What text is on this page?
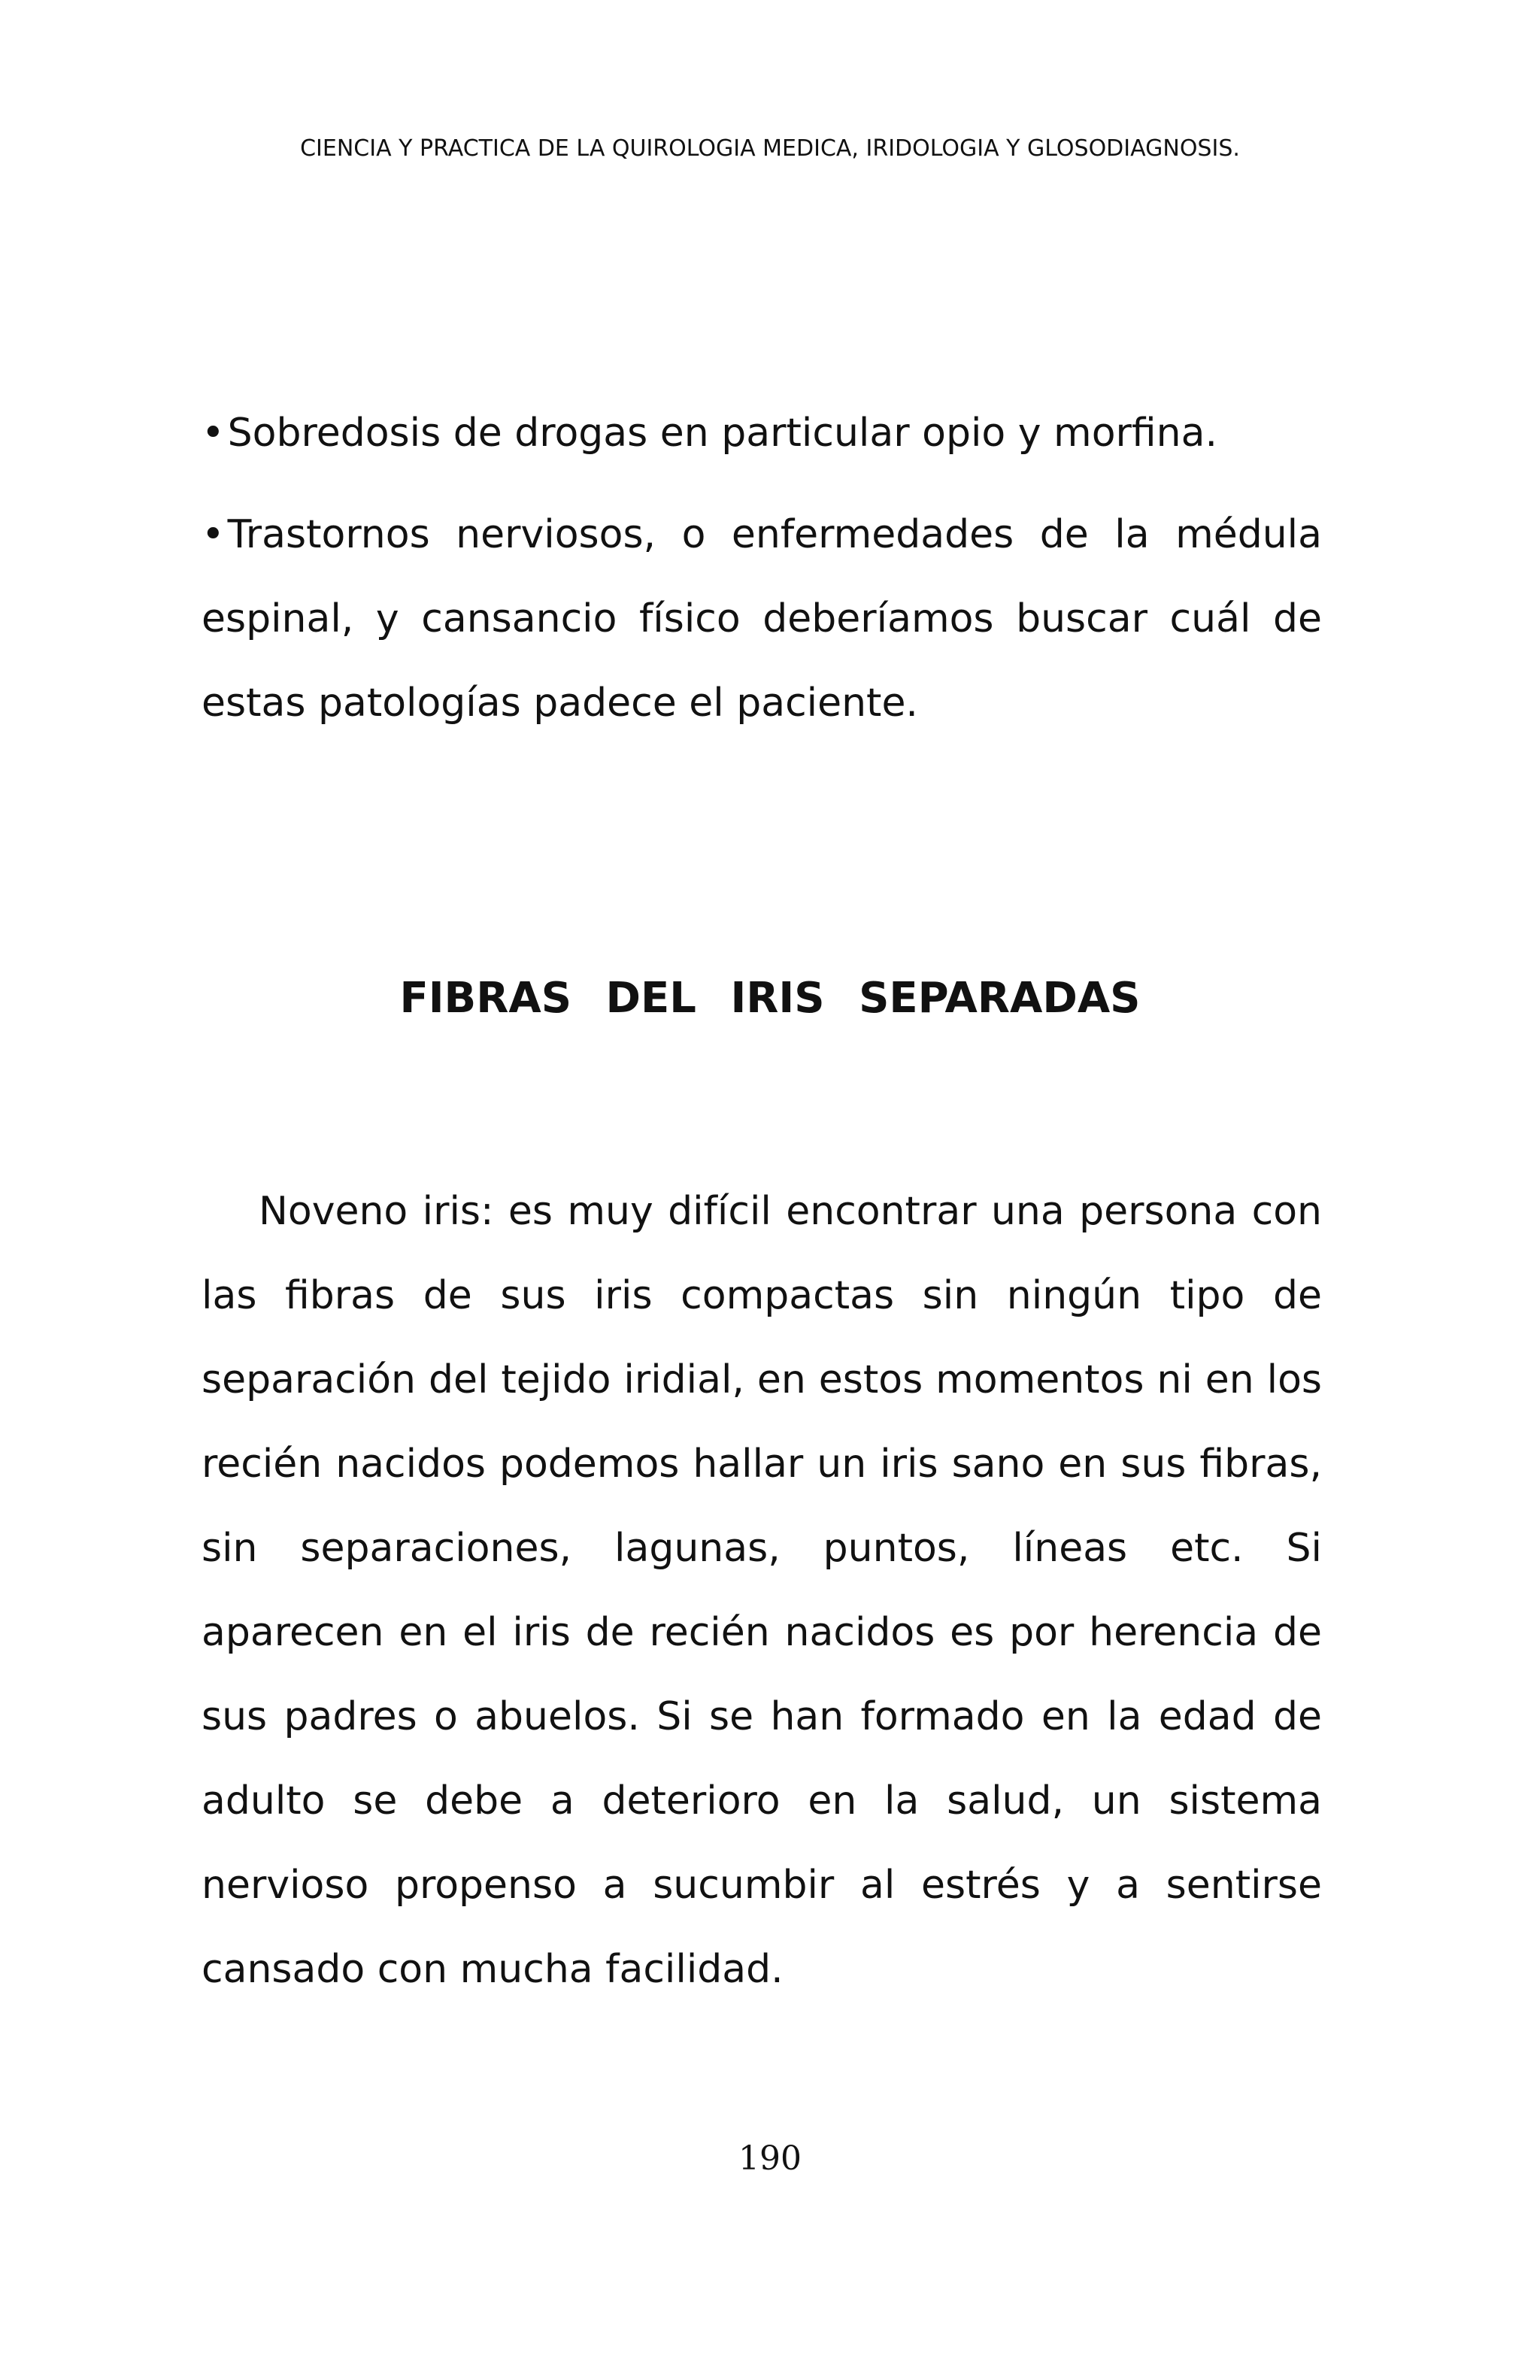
CIENCIA Y PRACTICA DE LA QUIROLOGIA MEDICA, IRIDOLOGIA Y GLOSODIAGNOSIS.
•Sobredosis de drogas en particular opio y morfina.
•Trastornos nerviosos, o enfermedades de la médula espinal, y cansancio físico deberíamos buscar cuál de estas patologías padece el paciente.
FIBRAS DEL IRIS SEPARADAS
Noveno iris: es muy difícil encontrar una persona con las fibras de sus iris compactas sin ningún tipo de separación del tejido iridial, en estos momentos ni en los recién nacidos podemos hallar un iris sano en sus fibras, sin separaciones, lagunas, puntos, líneas etc. Si aparecen en el iris de recién nacidos es por herencia de sus padres o abuelos. Si se han formado en la edad de adulto se debe a deterioro en la salud, un sistema nervioso propenso a sucumbir al estrés y a sentirse cansado con mucha facilidad.
190
